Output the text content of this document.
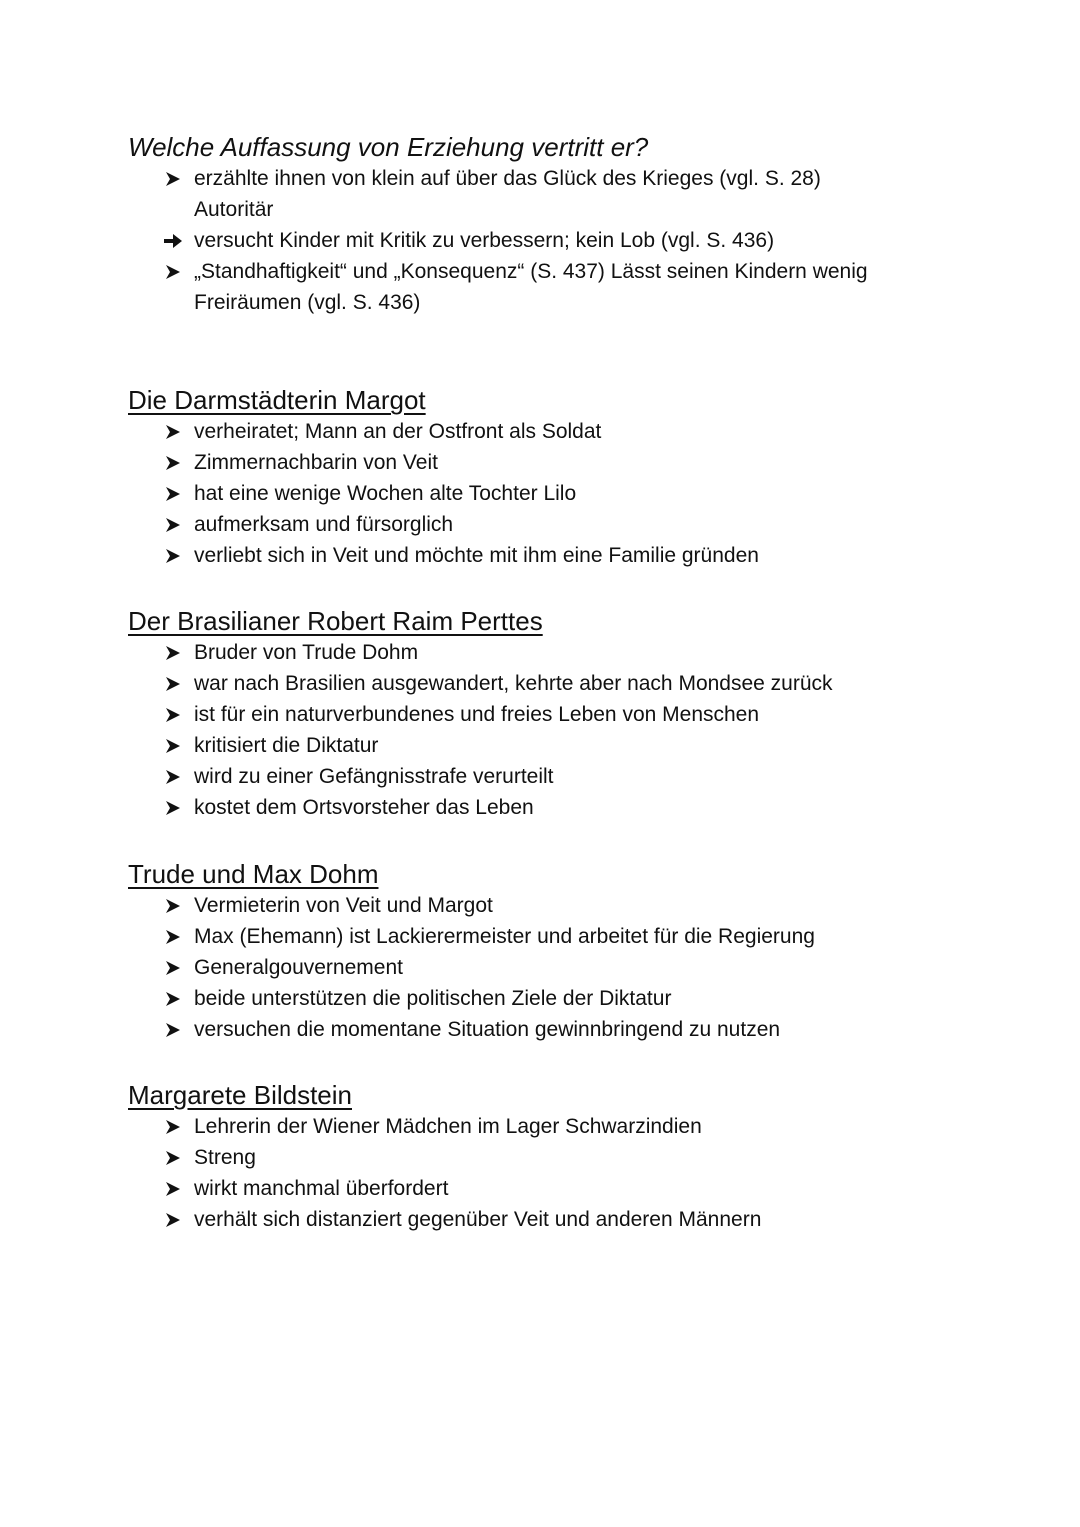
Welche Auffassung von Erziehung vertritt er?
erzählte ihnen von klein auf über das Glück des Krieges (vgl. S. 28)
Autoritär
versucht Kinder mit Kritik zu verbessern; kein Lob (vgl. S. 436)
„Standhaftigkeit“ und „Konsequenz“ (S. 437) Lässt seinen Kindern wenig
Freiräumen (vgl. S. 436)
Die Darmstädterin Margot
verheiratet; Mann an der Ostfront als Soldat
Zimmernachbarin von Veit
hat eine wenige Wochen alte Tochter Lilo
aufmerksam und fürsorglich
verliebt sich in Veit und möchte mit ihm eine Familie gründen
Der Brasilianer Robert Raim Perttes
Bruder von Trude Dohm
war nach Brasilien ausgewandert, kehrte aber nach Mondsee zurück
ist für ein naturverbundenes und freies Leben von Menschen
kritisiert die Diktatur
wird zu einer Gefängnisstrafe verurteilt
kostet dem Ortsvorsteher das Leben
Trude und Max Dohm
Vermieterin von Veit und Margot
Max (Ehemann) ist Lackierermeister und arbeitet für die Regierung
Generalgouvernement
beide unterstützen die politischen Ziele der Diktatur
versuchen die momentane Situation gewinnbringend zu nutzen
Margarete Bildstein
Lehrerin der Wiener Mädchen im Lager Schwarzindien
Streng
wirkt manchmal überfordert
verhält sich distanziert gegenüber Veit und anderen Männern
